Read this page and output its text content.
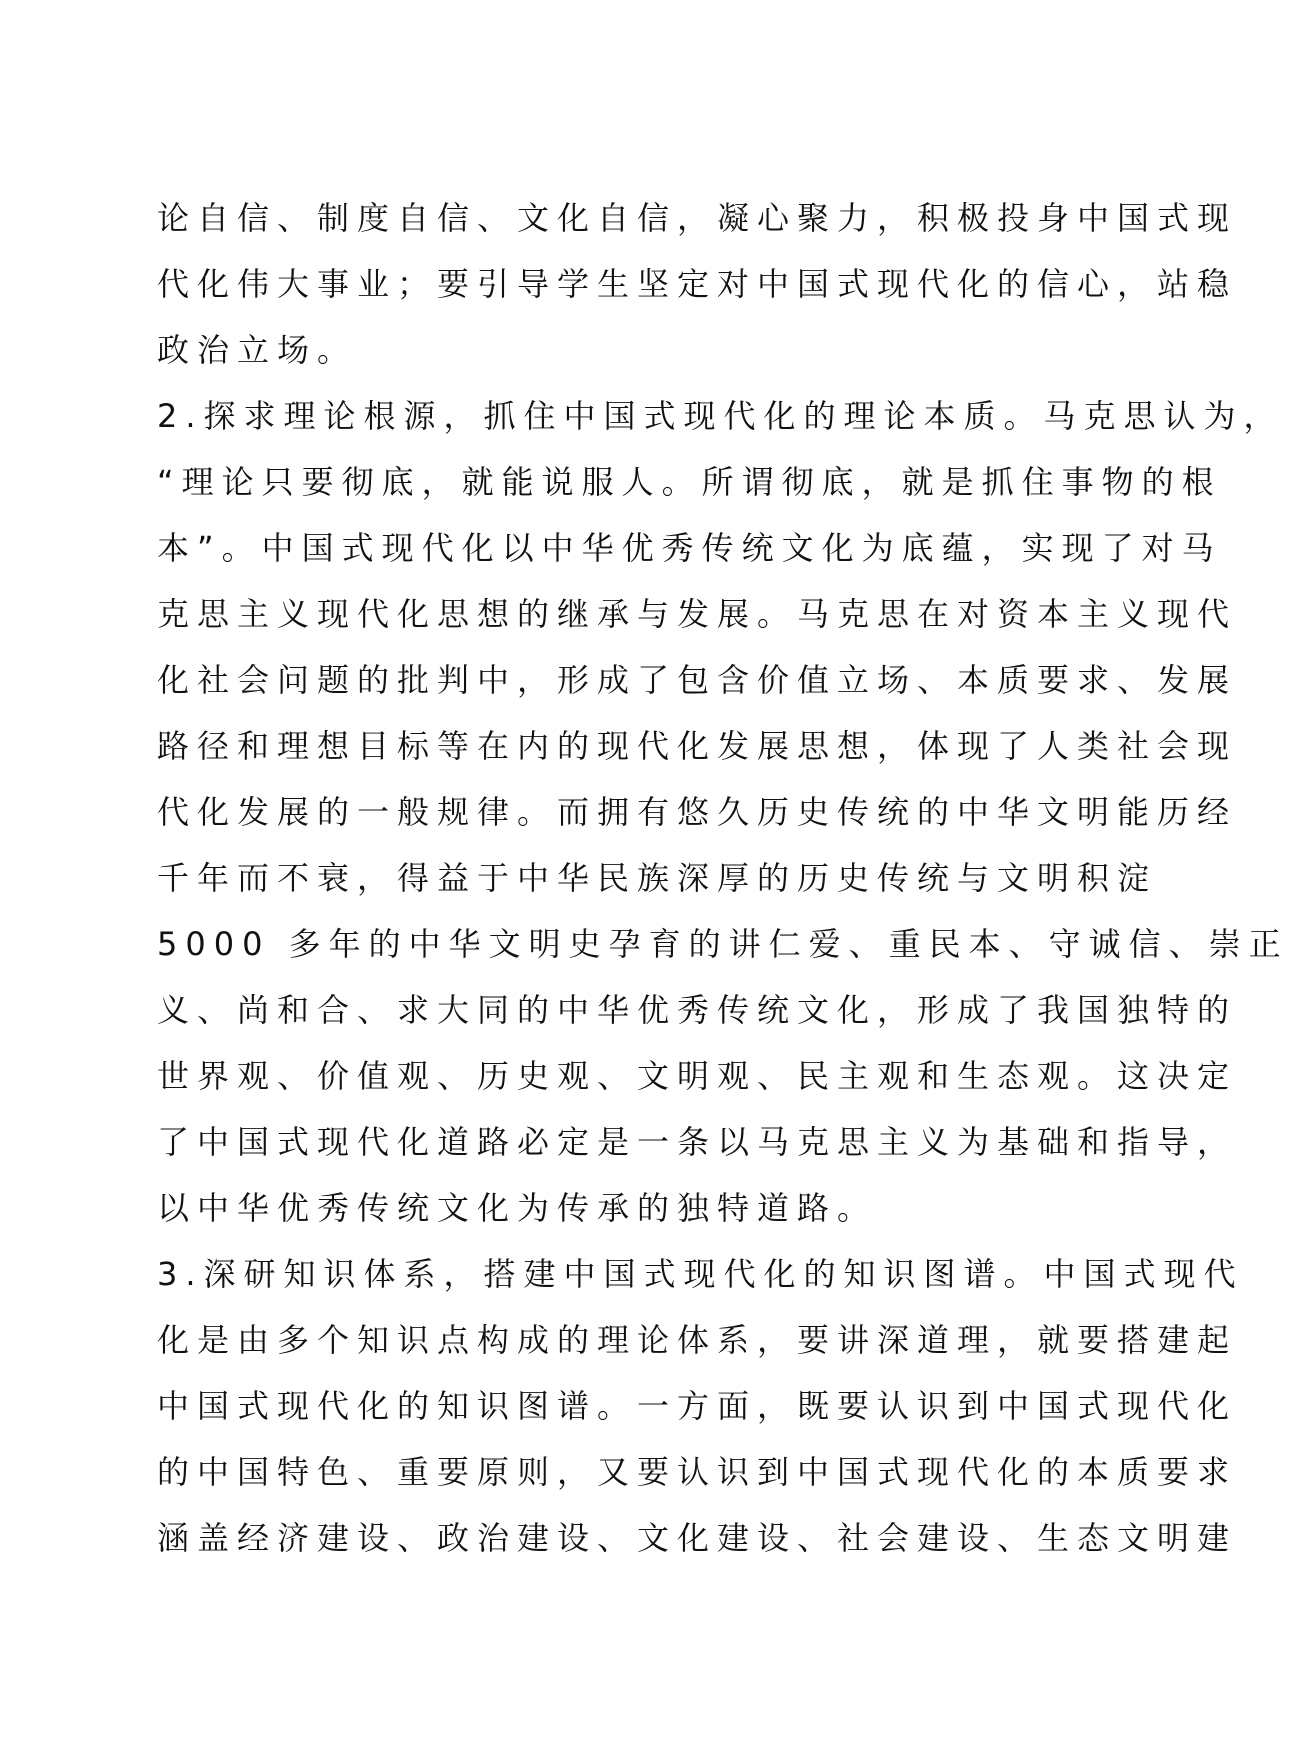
论自信、制度自信、文化自信，凝心聚力，积极投身中国式现
代化伟大事业；要引导学生坚定对中国式现代化的信心，站稳
政治立场。
2.探求理论根源，抓住中国式现代化的理论本质。马克思认为，
“理论只要彻底，就能说服人。所谓彻底，就是抓住事物的根
本”。中国式现代化以中华优秀传统文化为底蕴，实现了对马
克思主义现代化思想的继承与发展。马克思在对资本主义现代
化社会问题的批判中，形成了包含价值立场、本质要求、发展
路径和理想目标等在内的现代化发展思想，体现了人类社会现
代化发展的一般规律。而拥有悠久历史传统的中华文明能历经
千年而不衰，得益于中华民族深厚的历史传统与文明积淀
5000 多年的中华文明史孕育的讲仁爱、重民本、守诚信、崇正
义、尚和合、求大同的中华优秀传统文化，形成了我国独特的
世界观、价值观、历史观、文明观、民主观和生态观。这决定
了中国式现代化道路必定是一条以马克思主义为基础和指导，
以中华优秀传统文化为传承的独特道路。
3.深研知识体系，搭建中国式现代化的知识图谱。中国式现代
化是由多个知识点构成的理论体系，要讲深道理，就要搭建起
中国式现代化的知识图谱。一方面，既要认识到中国式现代化
的中国特色、重要原则，又要认识到中国式现代化的本质要求
涵盖经济建设、政治建设、文化建设、社会建设、生态文明建
